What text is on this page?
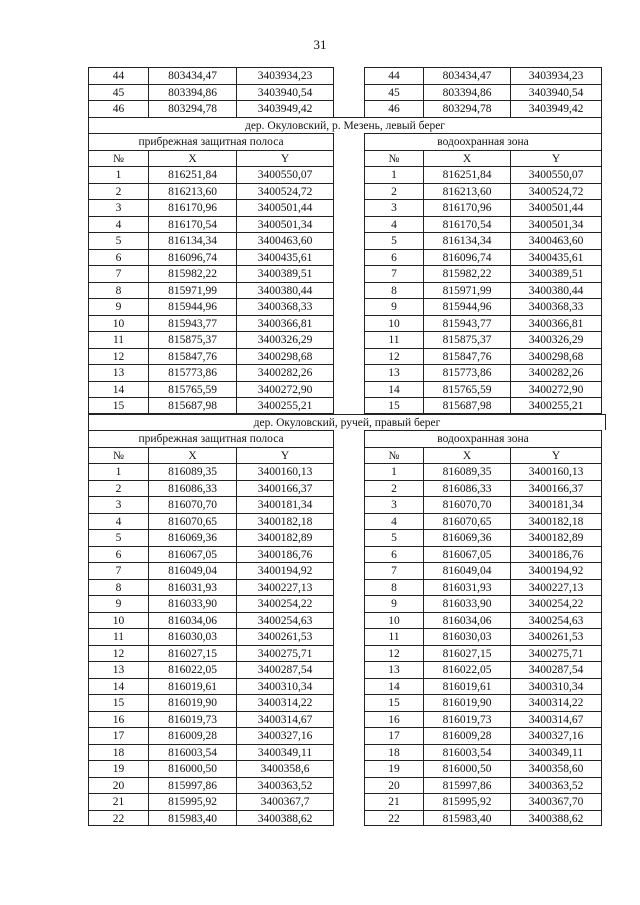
31
44	803434,47	3403934,23	44	803434,47	3403934,23
45	803394,86	3403940,54	45	803394,86	3403940,54
46	803294,78	3403949,42	46	803294,78	3403949,42
дер. Окуловский, р. Мезень, левый берег
прибрежная защитная полоса	водоохранная зона
№	X	Y	№	X	Y
1	816251,84	3400550,07	1	816251,84	3400550,07
2	816213,60	3400524,72	2	816213,60	3400524,72
3	816170,96	3400501,44	3	816170,96	3400501,44
4	816170,54	3400501,34	4	816170,54	3400501,34
5	816134,34	3400463,60	5	816134,34	3400463,60
6	816096,74	3400435,61	6	816096,74	3400435,61
7	815982,22	3400389,51	7	815982,22	3400389,51
8	815971,99	3400380,44	8	815971,99	3400380,44
9	815944,96	3400368,33	9	815944,96	3400368,33
10	815943,77	3400366,81	10	815943,77	3400366,81
11	815875,37	3400326,29	11	815875,37	3400326,29
12	815847,76	3400298,68	12	815847,76	3400298,68
13	815773,86	3400282,26	13	815773,86	3400282,26
14	815765,59	3400272,90	14	815765,59	3400272,90
15	815687,98	3400255,21	15	815687,98	3400255,21
дер. Окуловский, ручей, правый берег
прибрежная защитная полоса	водоохранная зона
№	X	Y	№	X	Y
1	816089,35	3400160,13	1	816089,35	3400160,13
2	816086,33	3400166,37	2	816086,33	3400166,37
3	816070,70	3400181,34	3	816070,70	3400181,34
4	816070,65	3400182,18	4	816070,65	3400182,18
5	816069,36	3400182,89	5	816069,36	3400182,89
6	816067,05	3400186,76	6	816067,05	3400186,76
7	816049,04	3400194,92	7	816049,04	3400194,92
8	816031,93	3400227,13	8	816031,93	3400227,13
9	816033,90	3400254,22	9	816033,90	3400254,22
10	816034,06	3400254,63	10	816034,06	3400254,63
11	816030,03	3400261,53	11	816030,03	3400261,53
12	816027,15	3400275,71	12	816027,15	3400275,71
13	816022,05	3400287,54	13	816022,05	3400287,54
14	816019,61	3400310,34	14	816019,61	3400310,34
15	816019,90	3400314,22	15	816019,90	3400314,22
16	816019,73	3400314,67	16	816019,73	3400314,67
17	816009,28	3400327,16	17	816009,28	3400327,16
18	816003,54	3400349,11	18	816003,54	3400349,11
19	816000,50	3400358,6	19	816000,50	3400358,60
20	815997,86	3400363,52	20	815997,86	3400363,52
21	815995,92	3400367,7	21	815995,92	3400367,70
22	815983,40	3400388,62	22	815983,40	3400388,62
